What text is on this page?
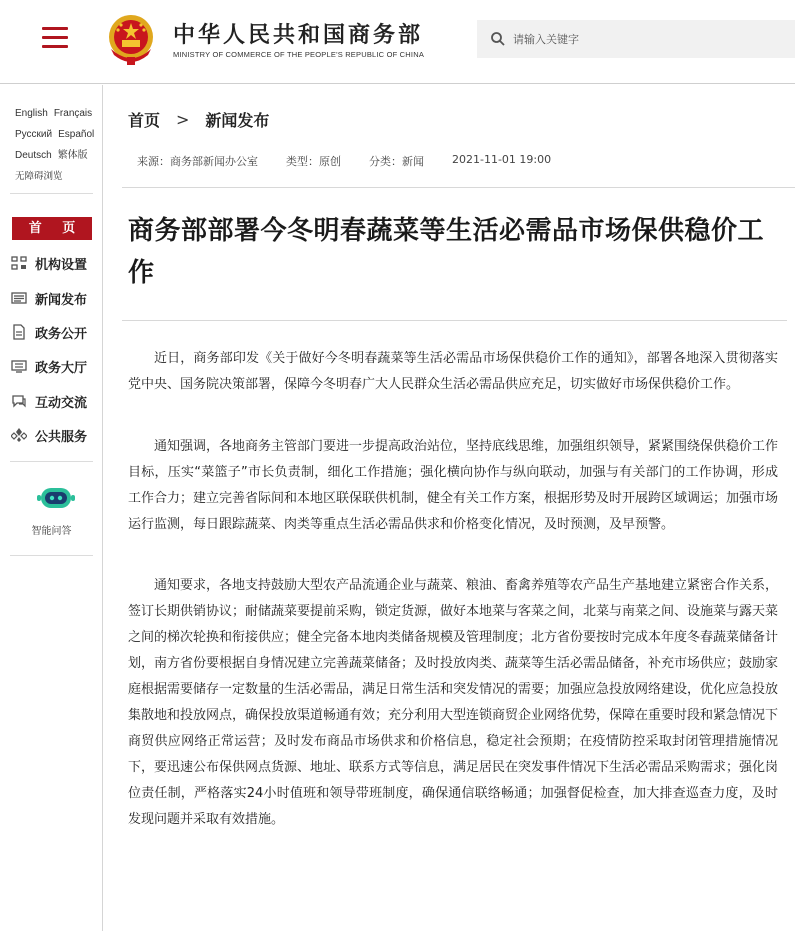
中华人民共和国商务部
MINISTRY OF COMMERCE OF THE PEOPLE'S REPUBLIC OF CHINA
请输入关键字
English Français
Русский Español
Deutsch 繁体版
无障碍浏览
首 页
机构设置
新闻发布
政务公开
政务大厅
互动交流
公共服务
智能问答
首页 > 新闻发布
来源：商务部新闻办公室	类型：原创	分类：新闻	2021-11-01 19:00
商务部部署今冬明春蔬菜等生活必需品市场保供稳价工作

近日，商务部印发《关于做好今冬明春蔬菜等生活必需品市场保供稳价工作的通知》，部署各地深入贯彻落实党中央、国务院决策部署，保障今冬明春广大人民群众生活必需品供应充足，切实做好市场保供稳价工作。

通知强调，各地商务主管部门要进一步提高政治站位，坚持底线思维，加强组织领导，紧紧围绕保供稳价工作目标，压实“菜篮子”市长负责制，细化工作措施；强化横向协作与纵向联动，加强与有关部门的工作协调，形成工作合力；建立完善省际间和本地区联保联供机制，健全有关工作方案，根据形势及时开展跨区域调运；加强市场运行监测，每日跟踪蔬菜、肉类等重点生活必需品供求和价格变化情况，及时预测，及早预警。

通知要求，各地支持鼓励大型农产品流通企业与蔬菜、粮油、畜禽养殖等农产品生产基地建立紧密合作关系，签订长期供销协议；耐储蔬菜要提前采购，锁定货源，做好本地菜与客菜之间，北菜与南菜之间、设施菜与露天菜之间的梯次轮换和衔接供应；健全完备本地肉类储备规模及管理制度；北方省份要按时完成本年度冬春蔬菜储备计划，南方省份要根据自身情况建立完善蔬菜储备；及时投放肉类、蔬菜等生活必需品储备，补充市场供应；鼓励家庭根据需要储存一定数量的生活必需品，满足日常生活和突发情况的需要；加强应急投放网络建设，优化应急投放集散地和投放网点，确保投放渠道畅通有效；充分利用大型连锁商贸企业网络优势，保障在重要时段和紧急情况下商贸供应网络正常运营；及时发布商品市场供求和价格信息，稳定社会预期；在疫情防控采取封闭管理措施情况下，要迅速公布保供网点货源、地址、联系方式等信息，满足居民在突发事件情况下生活必需品采购需求；强化岗位责任制，严格落实24小时值班和领导带班制度，确保通信联络畅通；加强督促检查，加大排查巡查力度，及时发现问题并采取有效措施。
